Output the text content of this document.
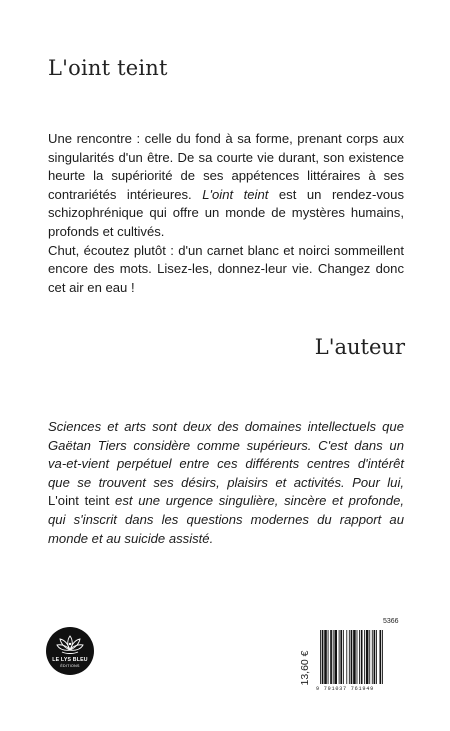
L'oint teint

Une rencontre : celle du fond à sa forme, prenant corps aux singularités d'un être. De sa courte vie durant, son existence heurte la supériorité de ses appétences littéraires à ses contrariétés intérieures. L'oint teint est un rendez-vous schizophrénique qui offre un monde de mystères humains, profonds et cultivés.

Chut, écoutez plutôt : d'un carnet blanc et noirci sommeillent encore des mots. Lisez-les, donnez-leur vie. Changez donc cet air en eau !

L'auteur

Sciences et arts sont deux des domaines intellectuels que Gaëtan Tiers considère comme supérieurs. C'est dans un va-et-vient perpétuel entre ces différents centres d'intérêt que se trouvent ses désirs, plaisirs et activités. Pour lui, L'oint teint est une urgence singulière, sincère et profonde, qui s'inscrit dans les questions modernes du rapport au monde et au suicide assisté.

LE LYS BLEU
ÉDITIONS	13,60 €
5366
9 791037 761949
